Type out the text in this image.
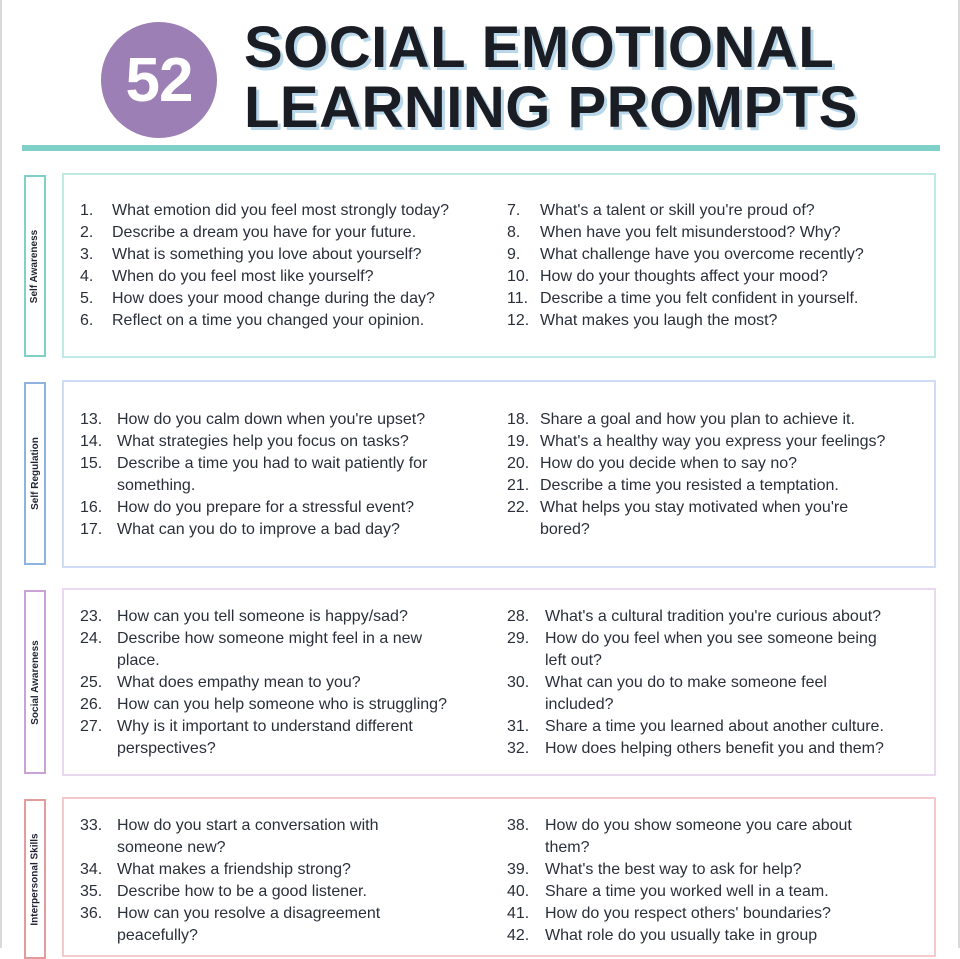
52 SOCIAL EMOTIONAL
LEARNING PROMPTS
Self Awareness
1. What emotion did you feel most strongly today?
2. Describe a dream you have for your future.
3. What is something you love about yourself?
4. When do you feel most like yourself?
5. How does your mood change during the day?
6. Reflect on a time you changed your opinion.
7. What's a talent or skill you're proud of?
8. When have you felt misunderstood? Why?
9. What challenge have you overcome recently?
10. How do your thoughts affect your mood?
11. Describe a time you felt confident in yourself.
12. What makes you laugh the most?
Self Regulation
13. How do you calm down when you're upset?
14. What strategies help you focus on tasks?
15. Describe a time you had to wait patiently for
something.
16. How do you prepare for a stressful event?
17. What can you do to improve a bad day?
18. Share a goal and how you plan to achieve it.
19. What's a healthy way you express your feelings?
20. How do you decide when to say no?
21. Describe a time you resisted a temptation.
22. What helps you stay motivated when you're
bored?
Social Awareness
23. How can you tell someone is happy/sad?
24. Describe how someone might feel in a new
place.
25. What does empathy mean to you?
26. How can you help someone who is struggling?
27. Why is it important to understand different
perspectives?
28. What's a cultural tradition you're curious about?
29. How do you feel when you see someone being
left out?
30. What can you do to make someone feel
included?
31. Share a time you learned about another culture.
32. How does helping others benefit you and them?
Interpersonal Skills
33. How do you start a conversation with
someone new?
34. What makes a friendship strong?
35. Describe how to be a good listener.
36. How can you resolve a disagreement
peacefully?
38. How do you show someone you care about
them?
39. What's the best way to ask for help?
40. Share a time you worked well in a team.
41. How do you respect others' boundaries?
42. What role do you usually take in group
